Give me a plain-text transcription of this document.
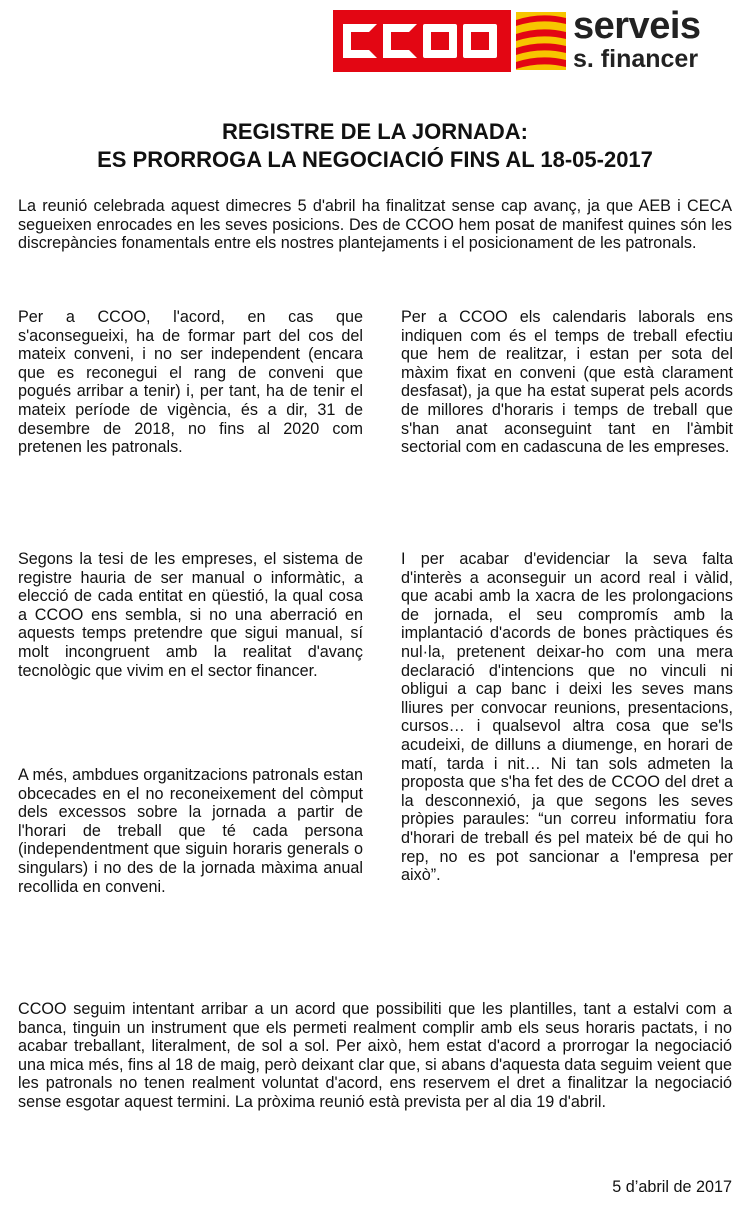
serveis
s. financer
REGISTRE DE LA JORNADA:
ES PRORROGA LA NEGOCIACIÓ FINS AL 18-05-2017

La reunió celebrada aquest dimecres 5 d'abril ha finalitzat sense cap avanç, ja que AEB i CECA segueixen enrocades en les seves posicions. Des de CCOO hem posat de manifest quines són les discrepàncies fonamentals entre els nostres plantejaments i el posicionament de les patronals.

Per a CCOO, l'acord, en cas que s'aconsegueixi, ha de formar part del cos del mateix conveni, i no ser independent (encara que es reconegui el rang de conveni que pogués arribar a tenir) i, per tant, ha de tenir el mateix període de vigència, és a dir, 31 de desembre de 2018, no fins al 2020 com pretenen les patronals.

Segons la tesi de les empreses, el sistema de registre hauria de ser manual o informàtic, a elecció de cada entitat en qüestió, la qual cosa a CCOO ens sembla, si no una aberració en aquests temps pretendre que sigui manual, sí molt incongruent amb la realitat d'avanç tecnològic que vivim en el sector financer.

A més, ambdues organitzacions patronals estan obcecades en el no reconeixement del còmput dels excessos sobre la jornada a partir de l'horari de treball que té cada persona (independentment que siguin horaris generals o singulars) i no des de la jornada màxima anual recollida en conveni.

Per a CCOO els calendaris laborals ens indiquen com és el temps de treball efectiu que hem de realitzar, i estan per sota del màxim fixat en conveni (que està clarament desfasat), ja que ha estat superat pels acords de millores d'horaris i temps de treball que s'han anat aconseguint tant en l'àmbit sectorial com en cadascuna de les empreses.

I per acabar d'evidenciar la seva falta d'interès a aconseguir un acord real i vàlid, que acabi amb la xacra de les prolongacions de jornada, el seu compromís amb la implantació d'acords de bones pràctiques és nul·la, pretenent deixar-ho com una mera declaració d'intencions que no vinculi ni obligui a cap banc i deixi les seves mans lliures per convocar reunions, presentacions, cursos… i qualsevol altra cosa que se'ls acudeixi, de dilluns a diumenge, en horari de matí, tarda i nit… Ni tan sols admeten la proposta que s'ha fet des de CCOO del dret a la desconnexió, ja que segons les seves pròpies paraules: “un correu informatiu fora d'horari de treball és pel mateix bé de qui ho rep, no es pot sancionar a l'empresa per això”.

CCOO seguim intentant arribar a un acord que possibiliti que les plantilles, tant a estalvi com a banca, tinguin un instrument que els permeti realment complir amb els seus horaris pactats, i no acabar treballant, literalment, de sol a sol. Per això, hem estat d'acord a prorrogar la negociació una mica més, fins al 18 de maig, però deixant clar que, si abans d'aquesta data seguim veient que les patronals no tenen realment voluntat d'acord, ens reservem el dret a finalitzar la negociació sense esgotar aquest termini. La pròxima reunió està prevista per al dia 19 d'abril.

5 d’abril de 2017
